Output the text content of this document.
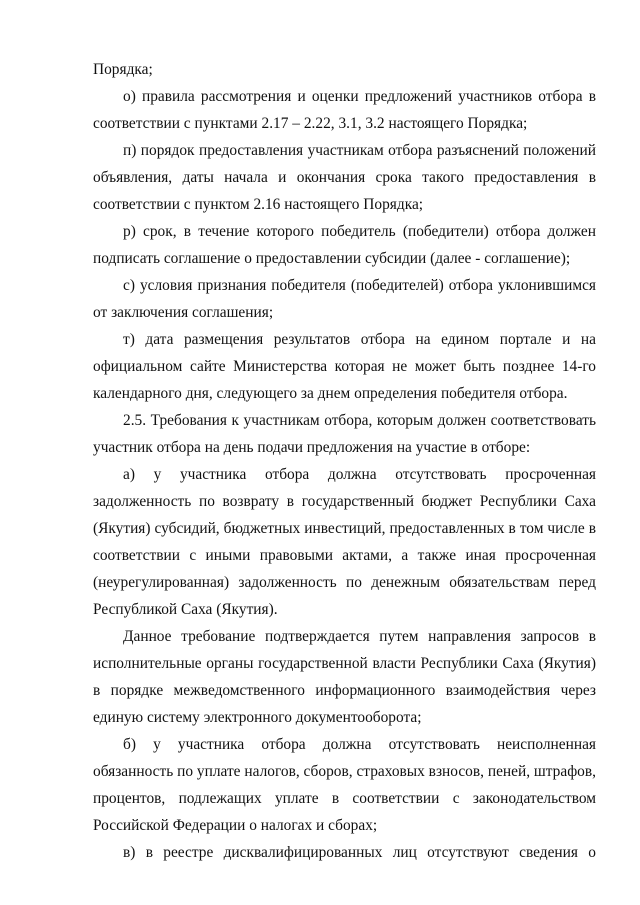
Порядка;

о) правила рассмотрения и оценки предложений участников отбора в соответствии с пунктами 2.17 – 2.22, 3.1, 3.2 настоящего Порядка;

п) порядок предоставления участникам отбора разъяснений положений объявления, даты начала и окончания срока такого предоставления в соответствии с пунктом 2.16 настоящего Порядка;

р) срок, в течение которого победитель (победители) отбора должен подписать соглашение о предоставлении субсидии (далее - соглашение);

с) условия признания победителя (победителей) отбора уклонившимся от заключения соглашения;

т) дата размещения результатов отбора на едином портале и на официальном сайте Министерства которая не может быть позднее 14-го календарного дня, следующего за днем определения победителя отбора.

2.5. Требования к участникам отбора, которым должен соответствовать участник отбора на день подачи предложения на участие в отборе:

а) у участника отбора должна отсутствовать просроченная задолженность по возврату в государственный бюджет Республики Саха (Якутия) субсидий, бюджетных инвестиций, предоставленных в том числе в соответствии с иными правовыми актами, а также иная просроченная (неурегулированная) задолженность по денежным обязательствам перед Республикой Саха (Якутия).

Данное требование подтверждается путем направления запросов в исполнительные органы государственной власти Республики Саха (Якутия) в порядке межведомственного информационного взаимодействия через единую систему электронного документооборота;

б) у участника отбора должна отсутствовать неисполненная обязанность по уплате налогов, сборов, страховых взносов, пеней, штрафов, процентов, подлежащих уплате в соответствии с законодательством Российской Федерации о налогах и сборах;

в) в реестре дисквалифицированных лиц отсутствуют сведения о
